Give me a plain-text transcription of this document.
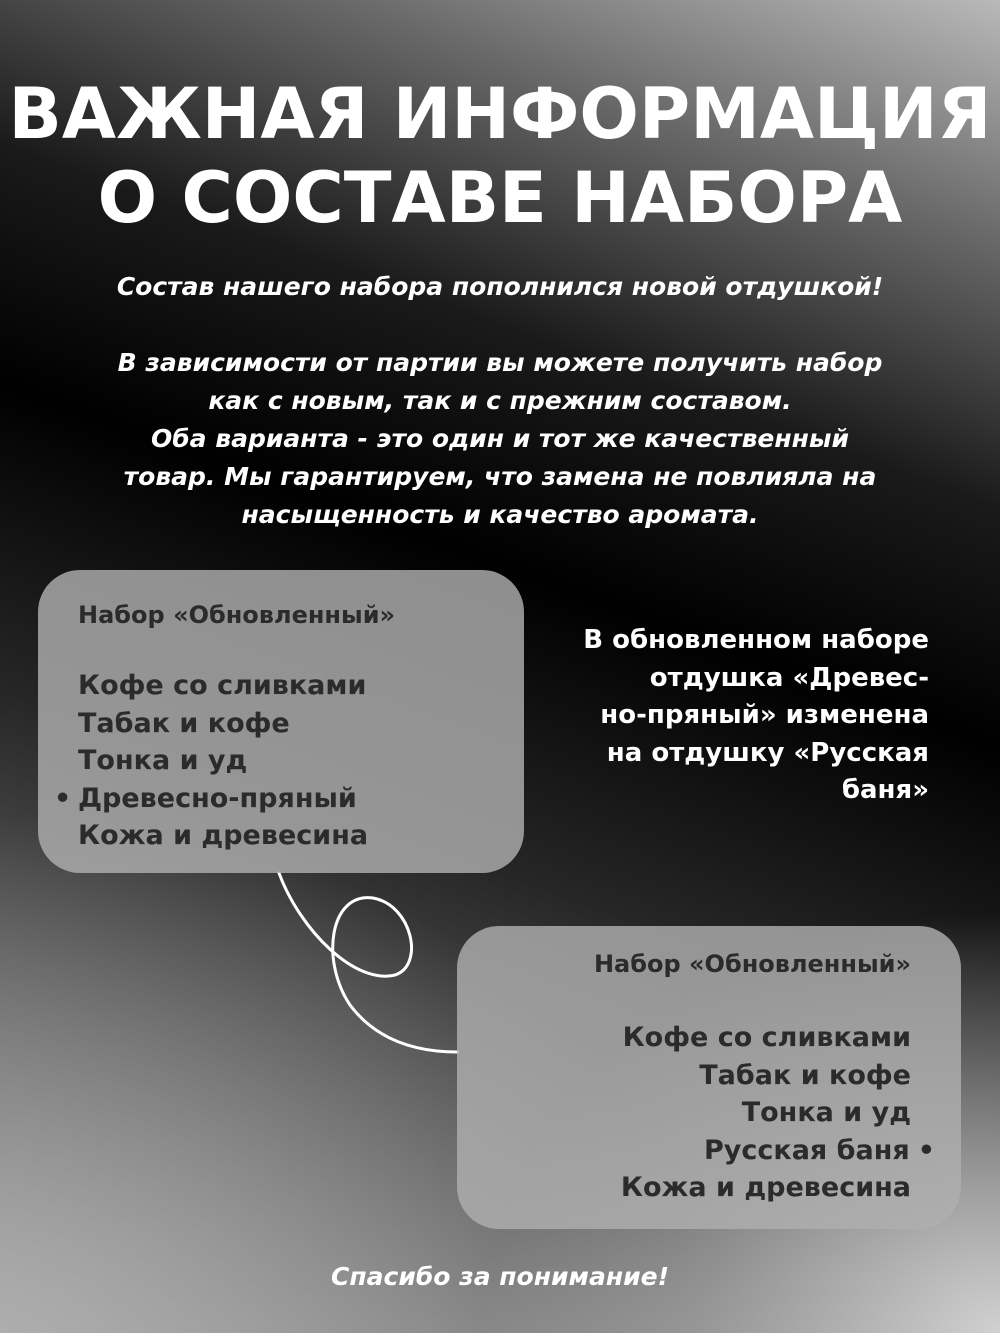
ВАЖНАЯ ИНФОРМАЦИЯ
О СОСТАВЕ НАБОРА
Состав нашего набора пополнился новой отдушкой!
В зависимости от партии вы можете получить набор
как с новым, так и с прежним составом.
Оба варианта - это один и тот же качественный
товар. Мы гарантируем, что замена не повлияла на
насыщенность и качество аромата.
Набор «Обновленный»
Кофе со сливками
Табак и кофе
Тонка и уд
• Древесно-пряный
Кожа и древесина
В обновленном наборе
отдушка «Древес-
но-пряный» изменена
на отдушку «Русская
баня»
Набор «Обновленный»
Кофе со сливками
Табак и кофе
Тонка и уд
Русская баня •
Кожа и древесина
Спасибо за понимание!
